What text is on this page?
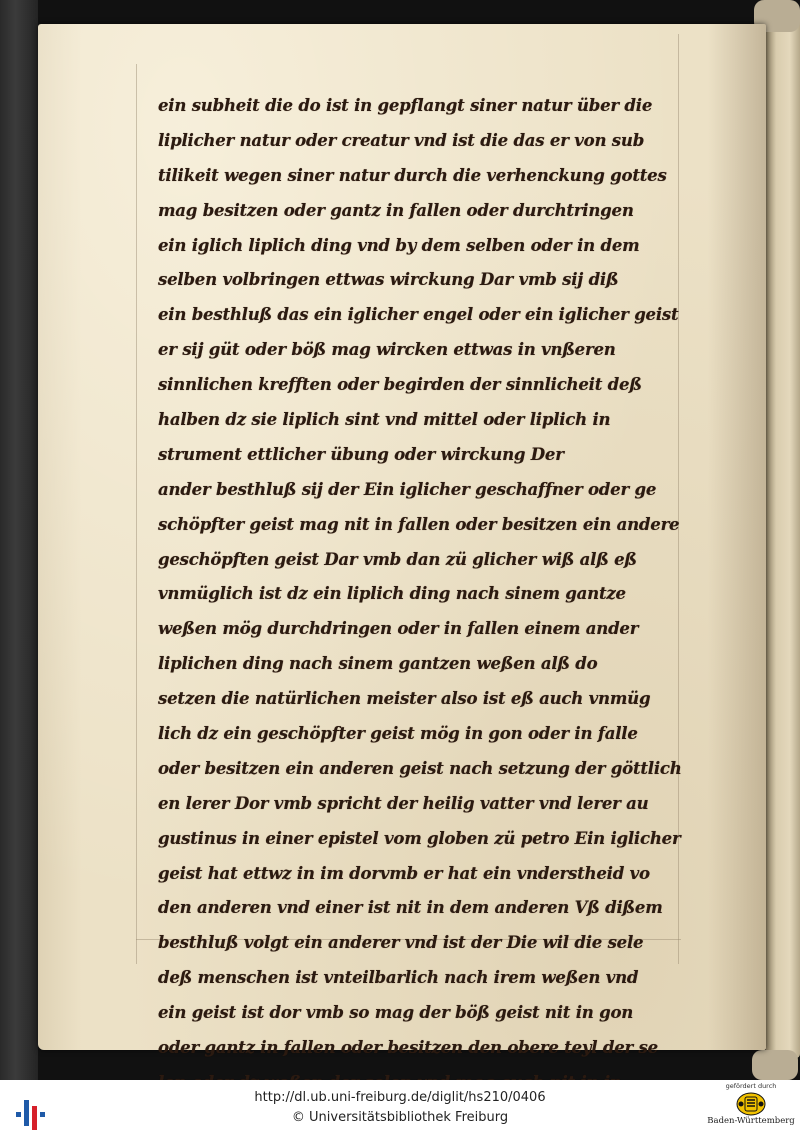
ein subheit die do ist in gepflangt siner natur über die
liplicher natur oder creatur vnd ist die das er von sub
tilikeit wegen siner natur durch die verhenckung gottes
mag besitzen oder gantz in fallen oder durchtringen
ein iglich liplich ding vnd by dem selben oder in dem
selben volbringen ettwas wirckung Dar vmb sij diß
ein besthluß das ein iglicher engel oder ein iglicher geist
er sij güt oder böß mag wircken ettwas in vnßeren
sinnlichen krefften oder begirden der sinnlicheit deß
halben dz sie liplich sint vnd mittel oder liplich in
strument ettlicher übung oder wirckung Der
ander besthluß sij der Ein iglicher geschaffner oder ge
schöpfter geist mag nit in fallen oder besitzen ein andere
geschöpften geist Dar vmb dan zü glicher wiß alß eß
vnmüglich ist dz ein liplich ding nach sinem gantze
weßen mög durchdringen oder in fallen einem ander
liplichen ding nach sinem gantzen weßen alß do
setzen die natürlichen meister also ist eß auch vnmüg
lich dz ein geschöpfter geist mög in gon oder in falle
oder besitzen ein anderen geist nach setzung der göttlich
en lerer Dor vmb spricht der heilig vatter vnd lerer au
gustinus in einer epistel vom globen zü petro Ein iglicher
geist hat ettwz in im dorvmb er hat ein vnderstheid vo
den anderen vnd einer ist nit in dem anderen Vß dißem
besthluß volgt ein anderer vnd ist der Die wil die sele
deß menschen ist vnteilbarlich nach irem weßen vnd
ein geist ist dor vmb so mag der böß geist nit in gon
oder gantz in fallen oder besitzen den obere teyl der se
http://dl.ub.uni-freiburg.de/diglit/hs210/0406
© Universitätsbibliothek Freiburg
gefördert durch
Baden-Württemberg
